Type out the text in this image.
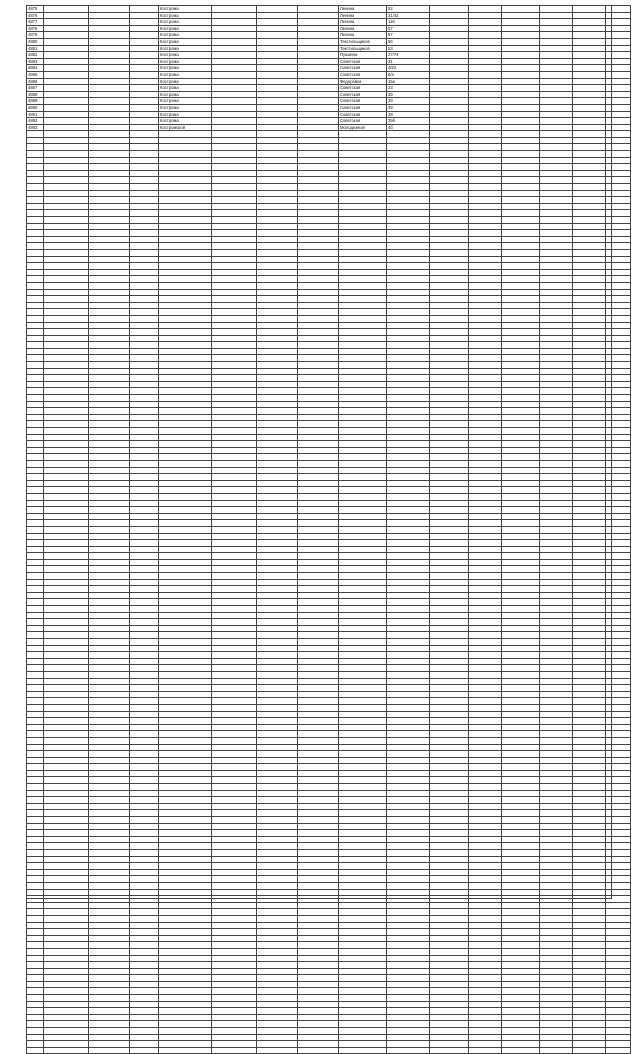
4875				Кострома				Ленина	52						
4876				Кострома				Ленина	31/42						
4877				Кострома				Ленина	116						
4878				Кострома				Ленина	57						
4879				Кострома				Ленина	57						
4880				Кострома				Текстильщиков	96						
4881				Кострома				Текстильщиков	53						
4882				Кострома				Пушкина	27/74						
4883				Кострома				Советская	31						
4884				Кострома				Советская	40/2						
4885				Кострома				Советская	6/а						
4886				Кострома				Федоровка	15а						
4887				Кострома				Советская	23						
4888				Кострома				Советская	39						
4889				Кострома				Советская	39						
4890				Кострома				Советская	39						
4891				Кострома				Советская	39						
4892				Кострома				Советская	39б						
4893				Костромской				Молодежная	4б						
